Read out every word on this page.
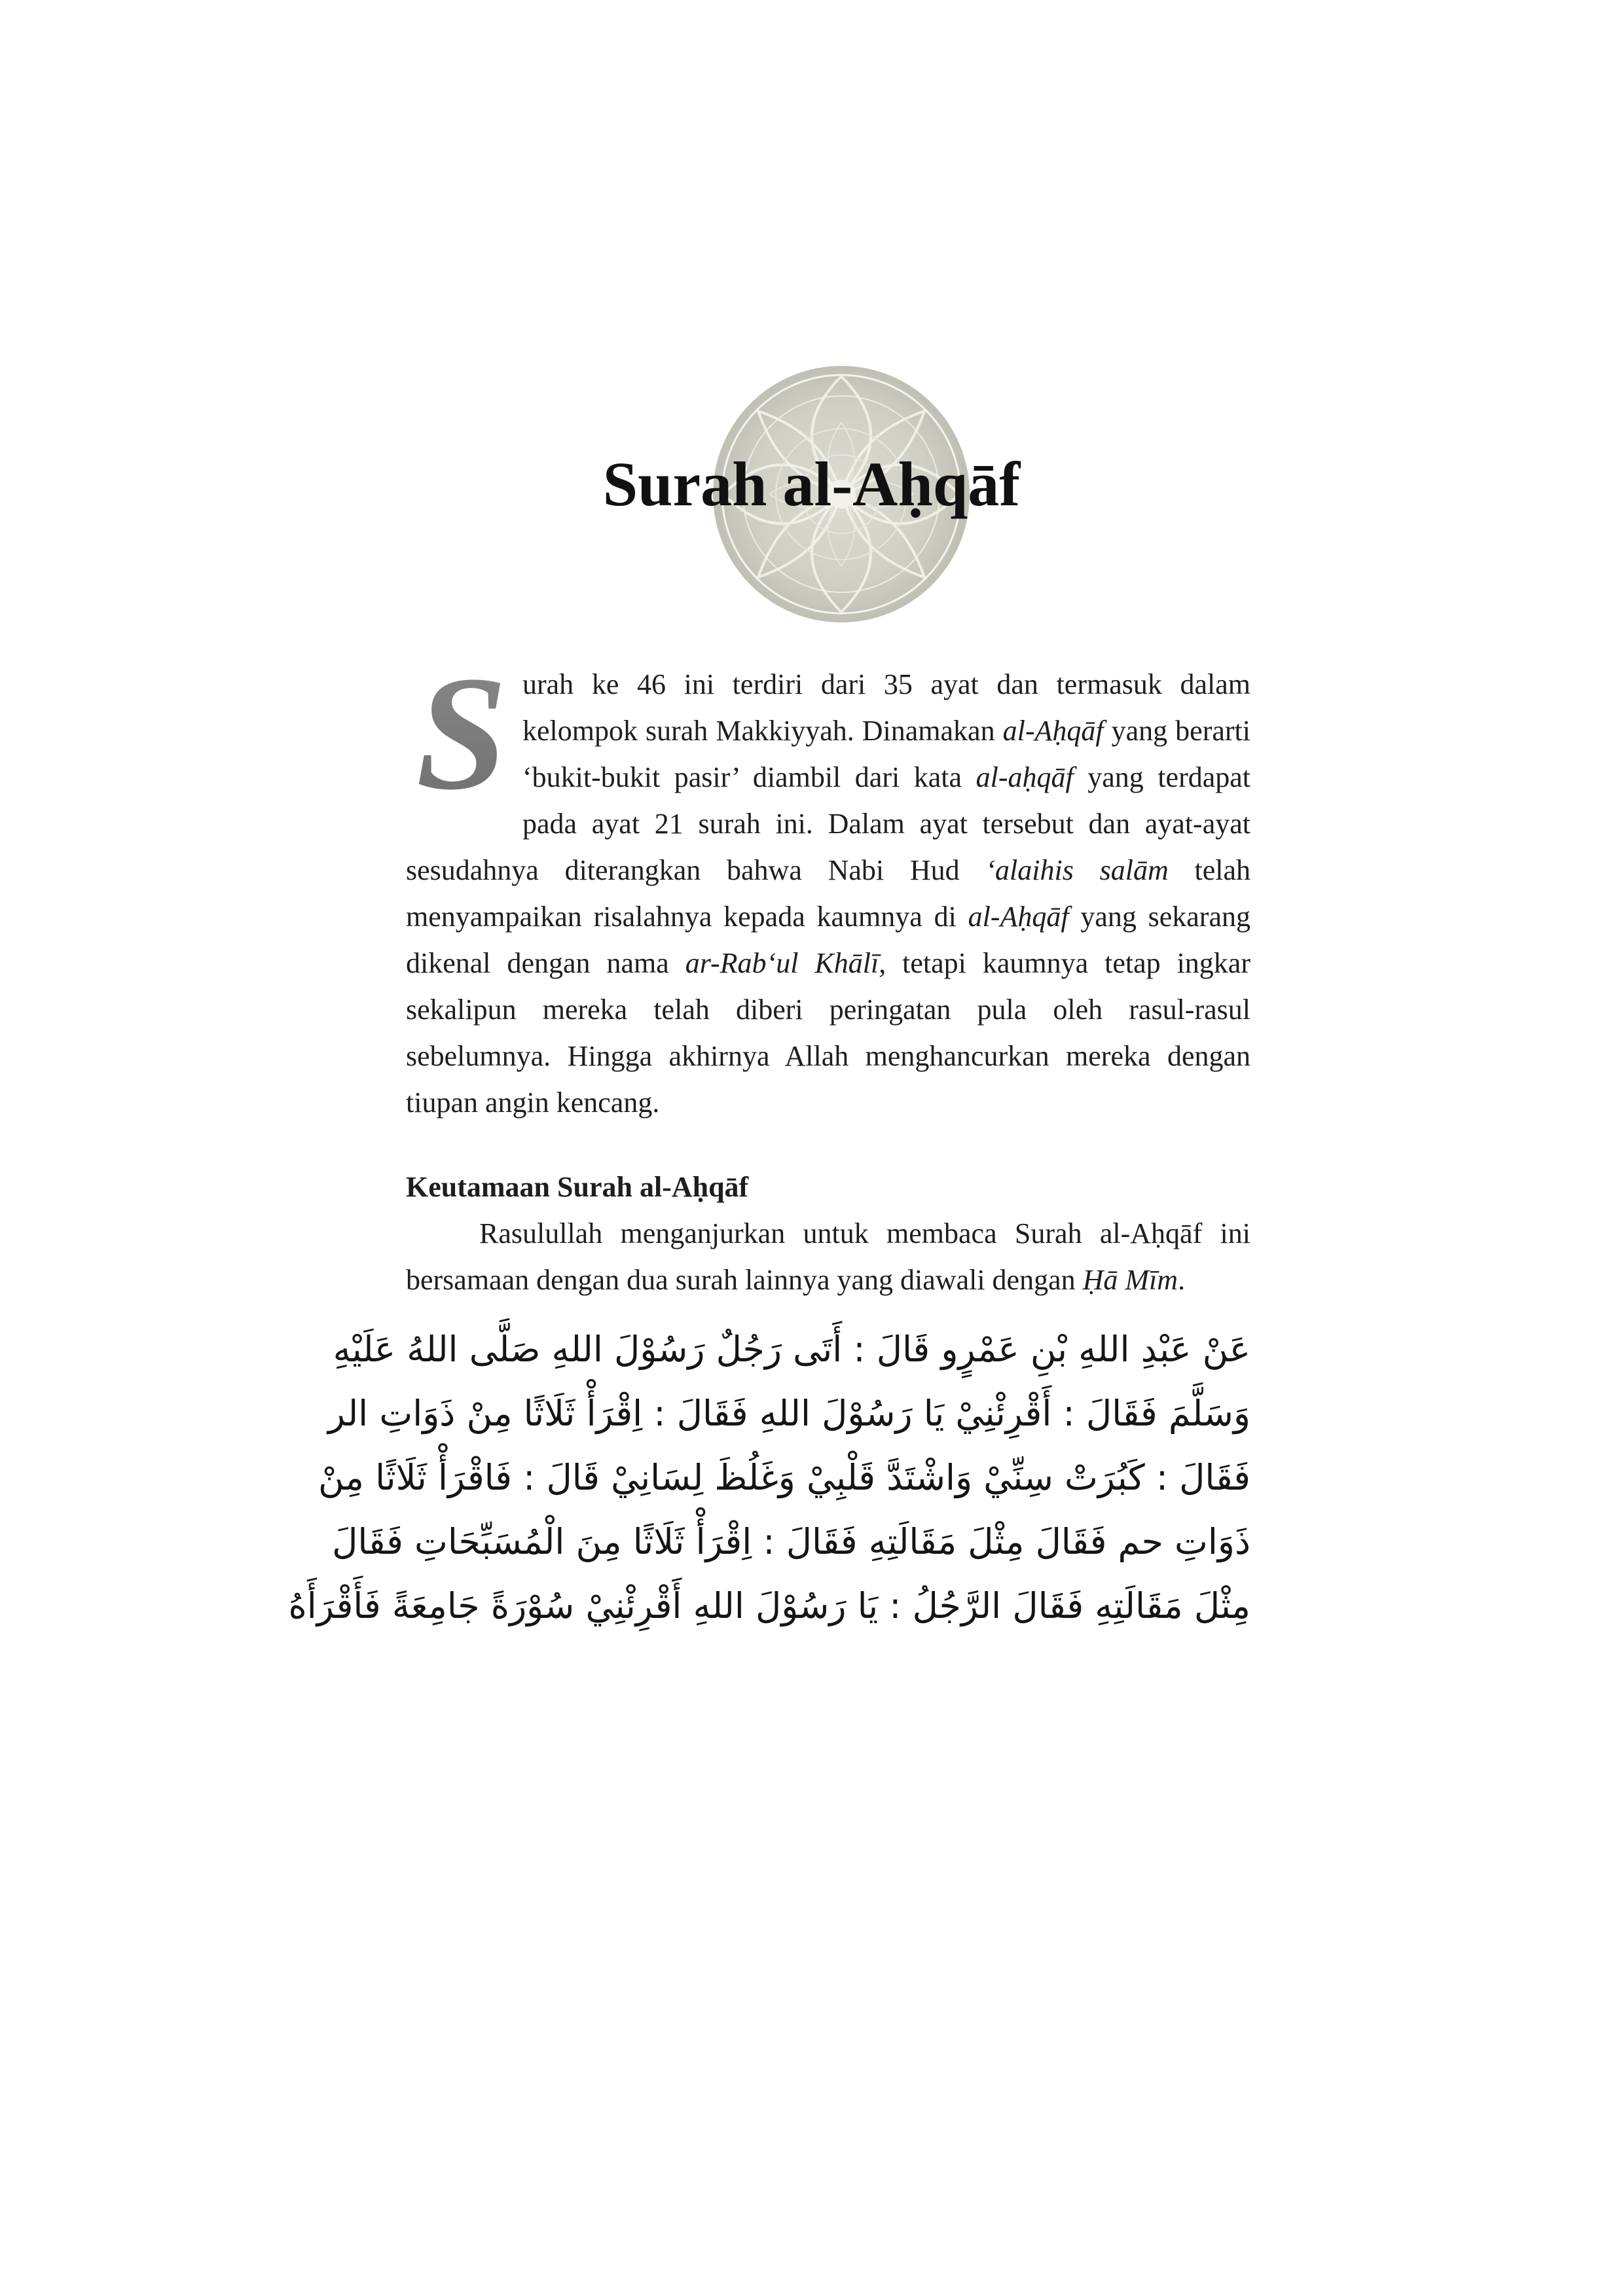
Surah al-Aḥqāf

S urah ke 46 ini terdiri dari 35 ayat dan termasuk dalam kelompok surah Makkiyyah. Dinamakan al-Aḥqāf yang berarti ‘bukit-bukit pasir’ diambil dari kata al-aḥqāf yang terdapat pada ayat 21 surah ini. Dalam ayat tersebut dan ayat-ayat sesudahnya diterangkan bahwa Nabi Hud ‘alaihis salām telah menyampaikan risalahnya kepada kaumnya di al-Aḥqāf yang sekarang dikenal dengan nama ar-Rab‘ul Khālī, tetapi kaumnya tetap ingkar sekalipun mereka telah diberi peringatan pula oleh rasul-rasul sebelumnya. Hingga akhirnya Allah menghancurkan mereka dengan tiupan angin kencang.

Keutamaan Surah al-Aḥqāf

Rasulullah menganjurkan untuk membaca Surah al-Aḥqāf ini bersamaan dengan dua surah lainnya yang diawali dengan Ḥā Mīm.

عَنْ عَبْدِ اللهِ بْنِ عَمْرٍو قَالَ : أَتَى رَجُلٌ رَسُوْلَ اللهِ صَلَّى اللهُ عَلَيْهِ
وَسَلَّمَ فَقَالَ : أَقْرِئْنِيْ يَا رَسُوْلَ اللهِ فَقَالَ : اِقْرَأْ ثَلَاثًا مِنْ ذَوَاتِ الر
فَقَالَ : كَبُرَتْ سِنِّيْ وَاشْتَدَّ قَلْبِيْ وَغَلُظَ لِسَانِيْ قَالَ : فَاقْرَأْ ثَلَاثًا مِنْ
ذَوَاتِ حم فَقَالَ مِثْلَ مَقَالَتِهِ فَقَالَ : اِقْرَأْ ثَلَاثًا مِنَ الْمُسَبِّحَاتِ فَقَالَ
مِثْلَ مَقَالَتِهِ فَقَالَ الرَّجُلُ : يَا رَسُوْلَ اللهِ أَقْرِئْنِيْ سُوْرَةً جَامِعَةً فَأَقْرَأَهُ
